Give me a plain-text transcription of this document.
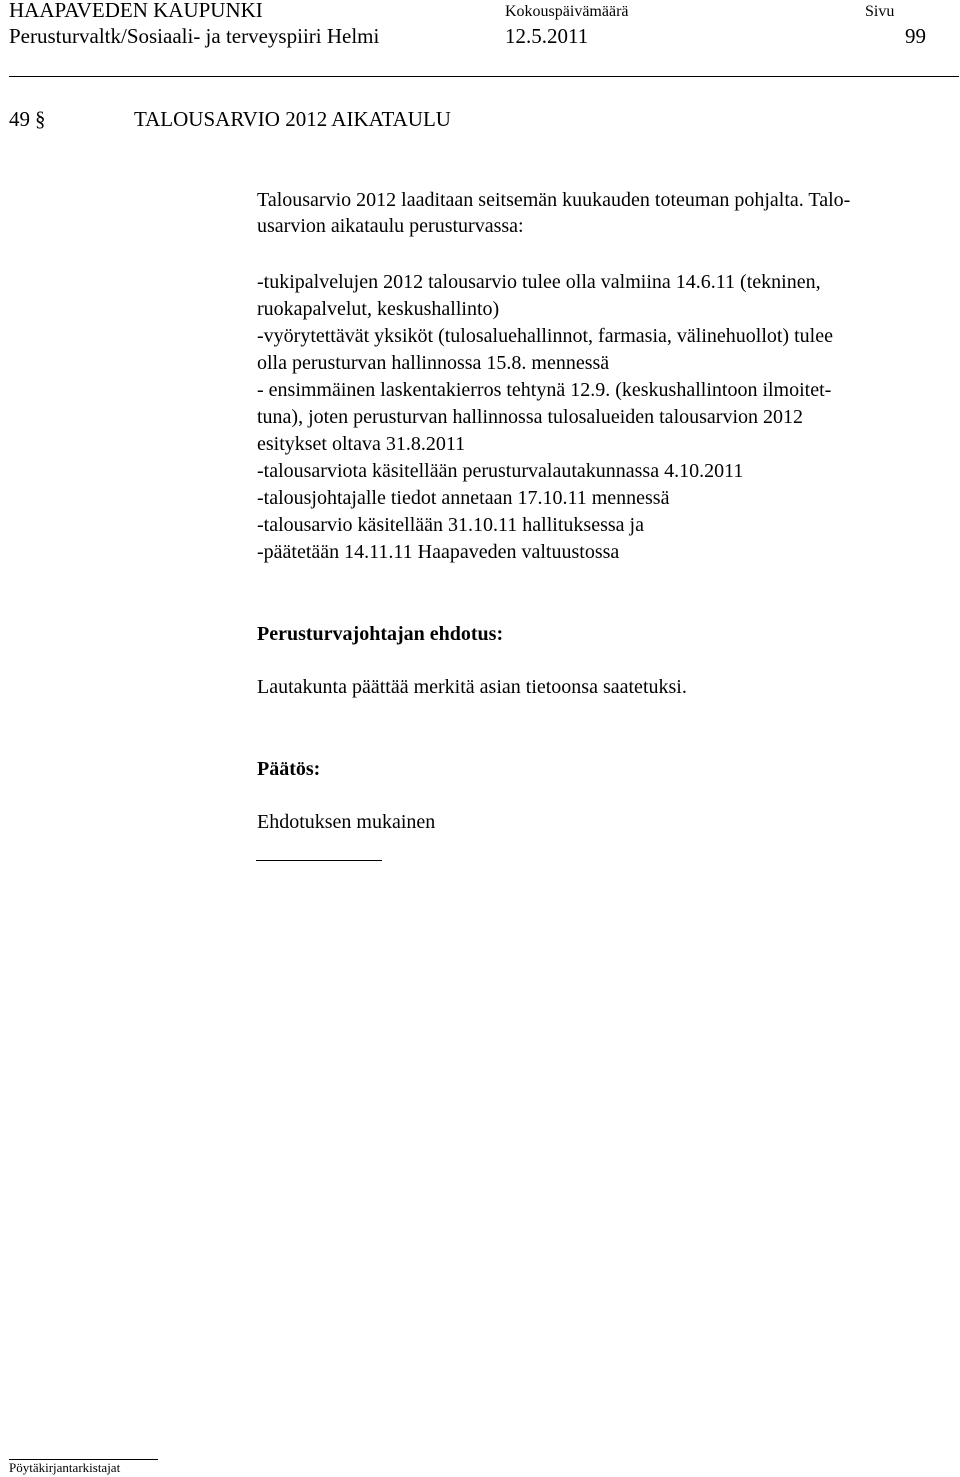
HAAPAVEDEN KAUPUNKI
Perusturvaltk/Sosiaali- ja terveyspiiri Helmi
Kokouspäivämäärä
12.5.2011
Sivu
99
49 §	TALOUSARVIO 2012 AIKATAULU

Talousarvio 2012 laaditaan seitsemän kuukauden toteuman pohjalta. Talo-

usarvion aikataulu perusturvassa:

-tukipalvelujen 2012 talousarvio tulee olla valmiina 14.6.11 (tekninen,

ruokapalvelut, keskushallinto)

-vyörytettävät yksiköt (tulosaluehallinnot, farmasia, välinehuollot) tulee

olla perusturvan hallinnossa 15.8. mennessä

- ensimmäinen laskentakierros tehtynä 12.9. (keskushallintoon ilmoitet-

tuna), joten perusturvan hallinnossa tulosalueiden talousarvion 2012

esitykset oltava 31.8.2011

-talousarviota käsitellään perusturvalautakunnassa 4.10.2011

-talousjohtajalle tiedot annetaan 17.10.11 mennessä

-talousarvio käsitellään 31.10.11 hallituksessa ja

-päätetään 14.11.11 Haapaveden valtuustossa

Perusturvajohtajan ehdotus:
Lautakunta päättää merkitä asian tietoonsa saatetuksi.
Päätös:
Ehdotuksen mukainen
Pöytäkirjantarkistajat
